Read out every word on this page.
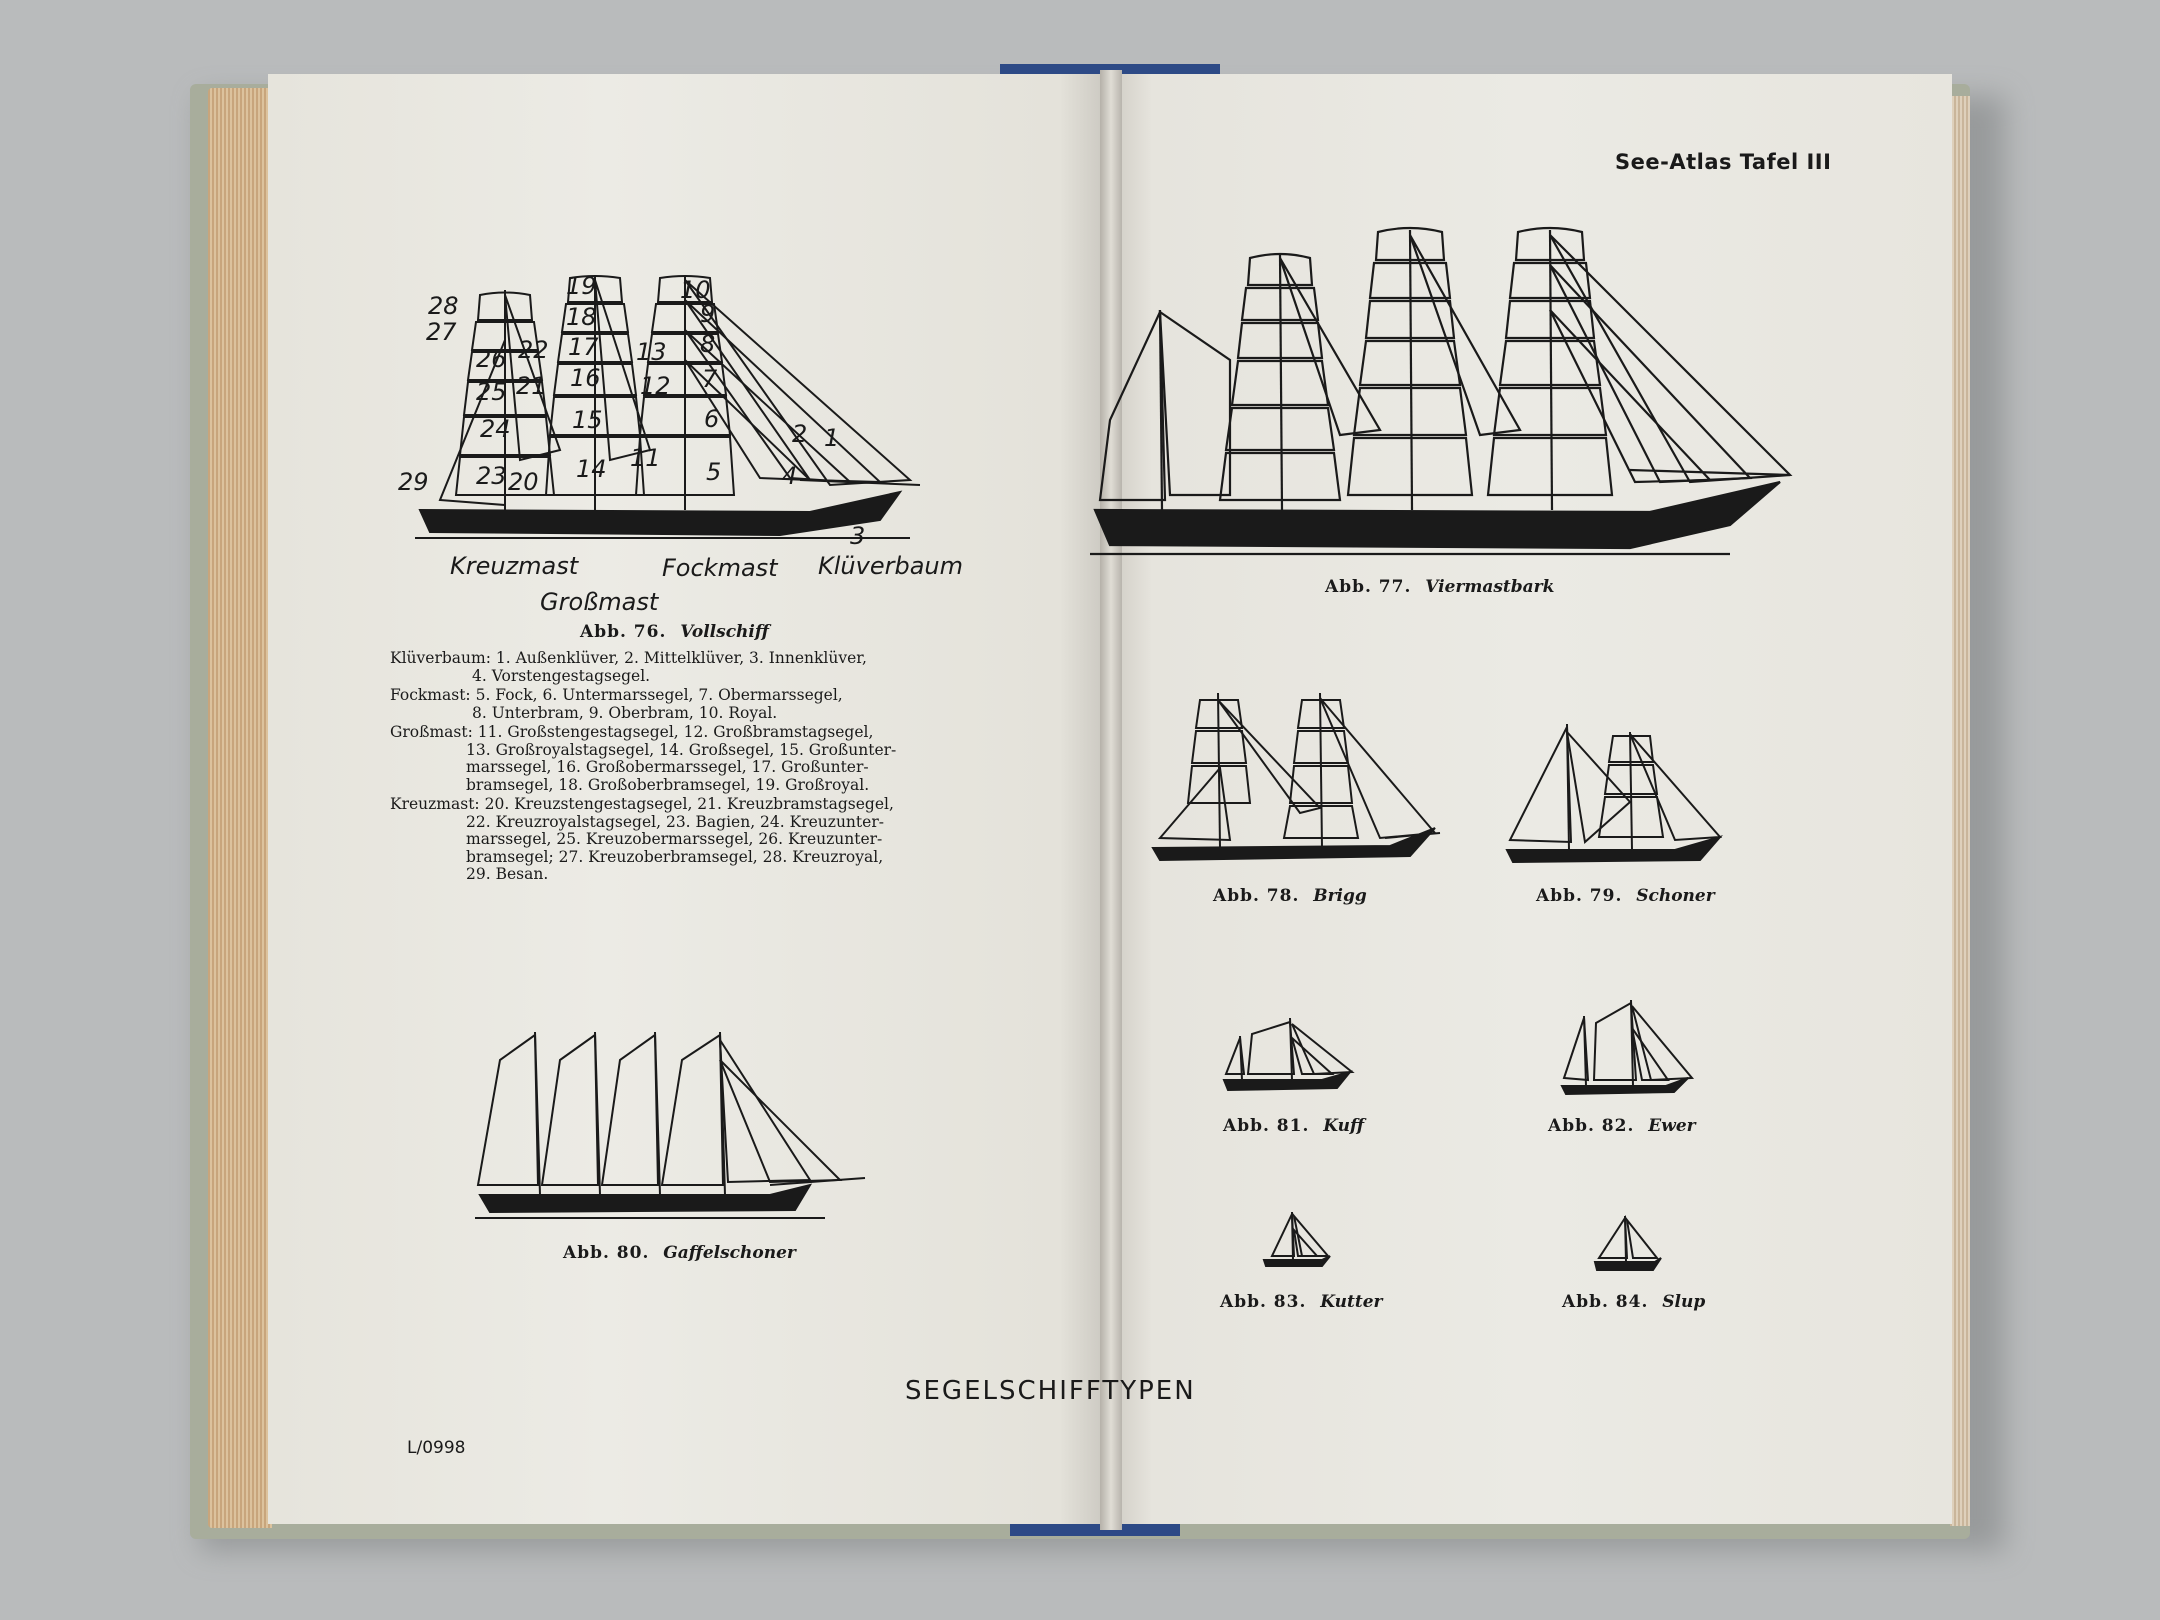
See-Atlas Tafel III
28
27
26
25
24
23 20
22
21
19
18
17
16
15
14
13
12
11
10
9
8
7
6
5
2 1
4
3
29
Kreuzmast
Großmast
Fockmast Klüverbaum
Abb. 76. Vollschiff
Klüverbaum: 1. Außenklüver, 2. Mittelklüver, 3. Innenklüver,
4. Vorstengestagsegel.
Fockmast: 5. Fock, 6. Untermarssegel, 7. Obermarssegel,
8. Unterbram, 9. Oberbram, 10. Royal.
Großmast: 11. Großstengestagsegel, 12. Großbramstagsegel,
13. Großroyalstagsegel, 14. Großsegel, 15. Großunter-
marssegel, 16. Großobermarssegel, 17. Großunter-
bramsegel, 18. Großoberbramsegel, 19. Großroyal.
Kreuzmast: 20. Kreuzstengestagsegel, 21. Kreuzbramstagsegel,
22. Kreuzroyalstagsegel, 23. Bagien, 24. Kreuzunter-
marssegel, 25. Kreuzobermarssegel, 26. Kreuzunter-
bramsegel; 27. Kreuzoberbramsegel, 28. Kreuzroyal,
29. Besan.
Abb. 80. Gaffelschoner
Abb. 77. Viermastbark
Abb. 78. Brigg	Abb. 79. Schoner
Abb. 81. Kuff	Abb. 82. Ewer
Abb. 83. Kutter	Abb. 84. Slup
SEGELSCHIFFTYPEN
L/0998
